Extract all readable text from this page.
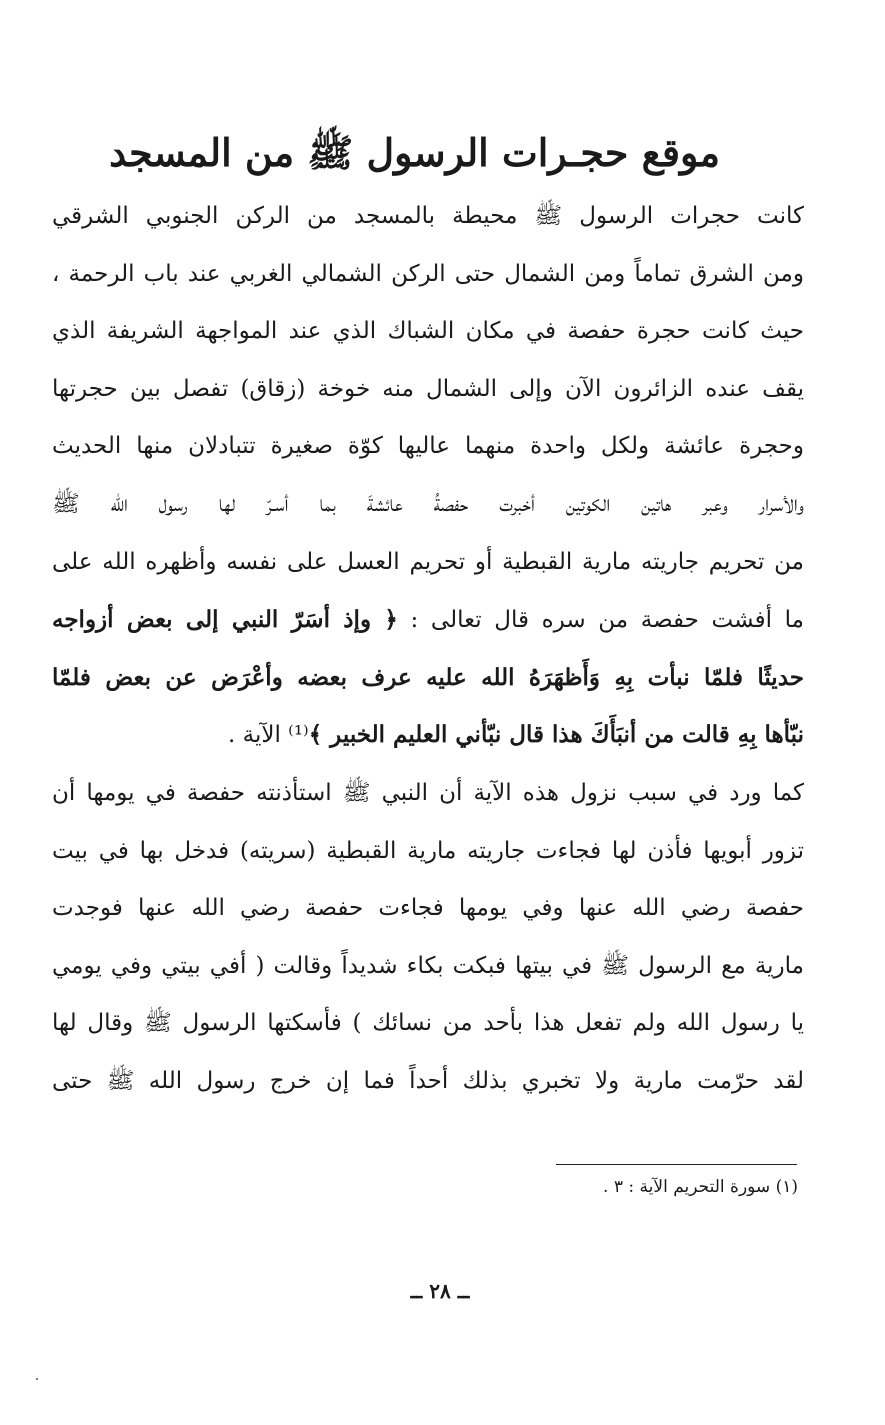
موقع حجـرات الرسول ﷺ من المسجد
كانت حجرات الرسول ﷺ محيطة بالمسجد من الركن الجنوبي الشرقي
ومن الشرق تماماً ومن الشمال حتى الركن الشمالي الغربي عند باب الرحمة ،
حيث كانت حجرة حفصة في مكان الشباك الذي عند المواجهة الشريفة الذي
يقف عنده الزائرون الآن وإلى الشمال منه خوخة (زقاق) تفصل بين حجرتها
وحجرة عائشة ولكل واحدة منهما عاليها كوّة صغيرة تتبادلان منها الحديث
والأسرار وعبر هاتين الكوتين أخبرت حفصةُ عائشةَ بما أسـرّ لها رسول الله ﷺ
من تحريم جاريته مارية القبطية أو تحريم العسل على نفسه وأظهره الله على
ما أفشت حفصة من سره قال تعالى : ﴿ وإذ أسَرّ النبي إلى بعض أزواجه
حديثًا فلمّا نبأت بِهِ وَأَظهَرَهُ الله عليه عرف بعضه وأعْرَض عن بعض فلمّا
نبّأها بِهِ قالت من أنبَأَكَ هذا قال نبّأني العليم الخبير ﴾⁽¹⁾ الآية .
كما ورد في سبب نزول هذه الآية أن النبي ﷺ استأذنته حفصة في يومها أن
تزور أبويها فأذن لها فجاءت جاريته مارية القبطية (سريته) فدخل بها في بيت
حفصة رضي الله عنها وفي يومها فجاءت حفصة رضي الله عنها فوجدت
مارية مع الرسول ﷺ في بيتها فبكت بكاء شديداً وقالت ( أفي بيتي وفي يومي
يا رسول الله ولم تفعل هذا بأحد من نسائك ) فأسكتها الرسول ﷺ وقال لها
لقد حرّمت مارية ولا تخبري بذلك أحداً فما إن خرج رسول الله ﷺ حتى
(١) سورة التحريم الآية : ٣ .
ــ ٢٨ ــ
